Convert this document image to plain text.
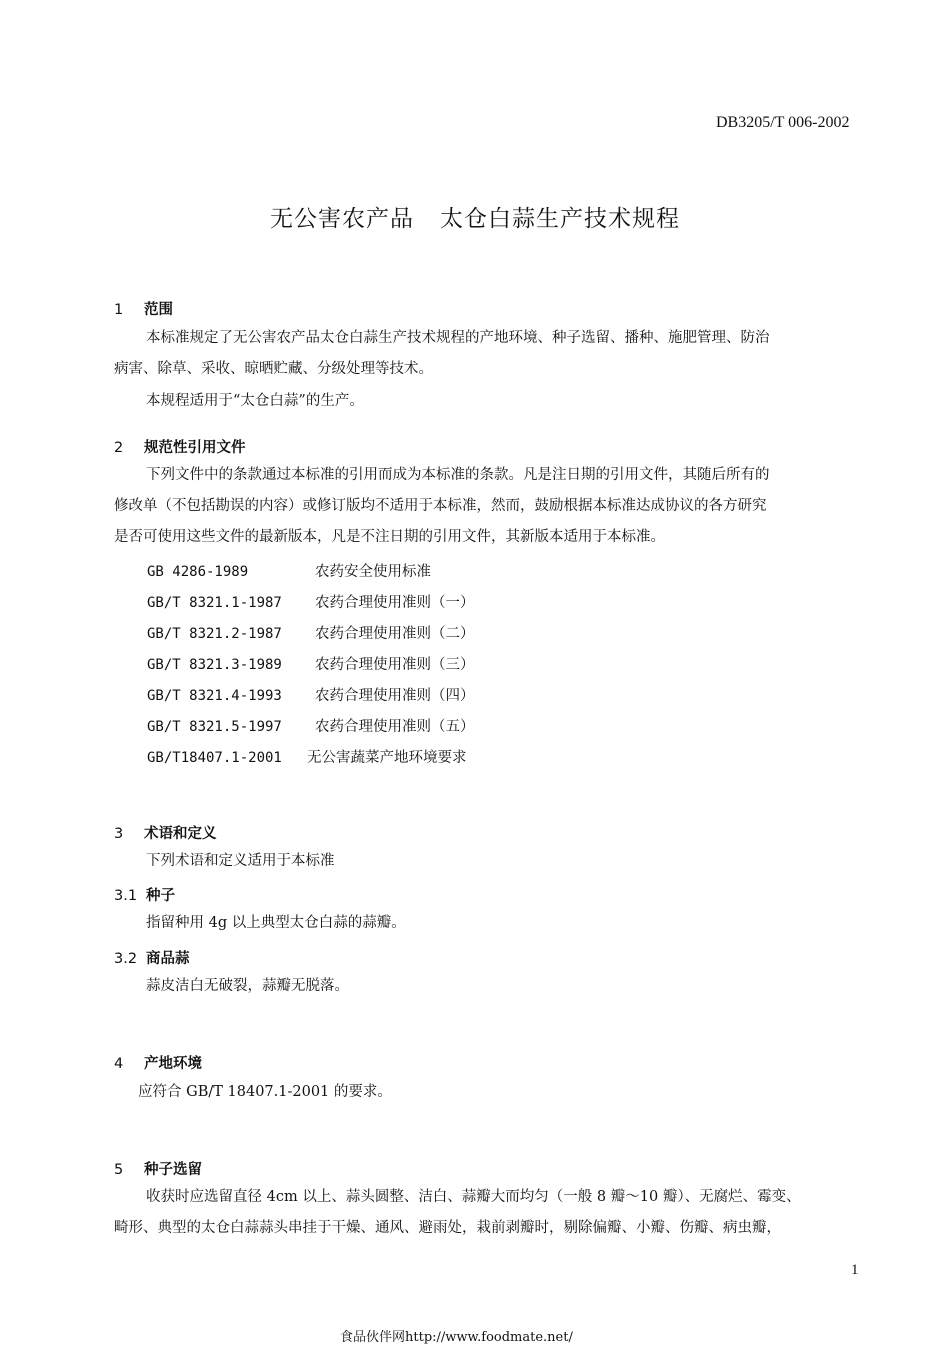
DB3205/T 006-2002
无公害农产品 太仓白蒜生产技术规程
1 范围
本标准规定了无公害农产品太仓白蒜生产技术规程的产地环境、种子选留、播种、施肥管理、防治
病害、除草、采收、晾晒贮藏、分级处理等技术。
本规程适用于“太仓白蒜”的生产。
2 规范性引用文件
下列文件中的条款通过本标准的引用而成为本标准的条款。凡是注日期的引用文件，其随后所有的
修改单（不包括勘误的内容）或修订版均不适用于本标准，然而，鼓励根据本标准达成协议的各方研究
是否可使用这些文件的最新版本，凡是不注日期的引用文件，其新版本适用于本标准。
GB 4286-1989	农药安全使用标准
GB/T 8321.1-1987 农药合理使用准则（一）
GB/T 8321.2-1987 农药合理使用准则（二）
GB/T 8321.3-1989 农药合理使用准则（三）
GB/T 8321.4-1993 农药合理使用准则（四）
GB/T 8321.5-1997 农药合理使用准则（五）
GB/T18407.1-2001 无公害蔬菜产地环境要求
3 术语和定义
下列术语和定义适用于本标准
3.1 种子
指留种用 4g 以上典型太仓白蒜的蒜瓣。
3.2 商品蒜
蒜皮洁白无破裂，蒜瓣无脱落。
4 产地环境
应符合 GB/T 18407.1-2001 的要求。
5 种子选留
收获时应选留直径 4cm 以上、蒜头圆整、洁白、蒜瓣大而均匀（一般 8 瓣～10 瓣）、无腐烂、霉变、
畸形、典型的太仓白蒜蒜头串挂于干燥、通风、避雨处，栽前剥瓣时，剔除偏瓣、小瓣、伤瓣、病虫瓣，
1
食品伙伴网http://www.foodmate.net/
